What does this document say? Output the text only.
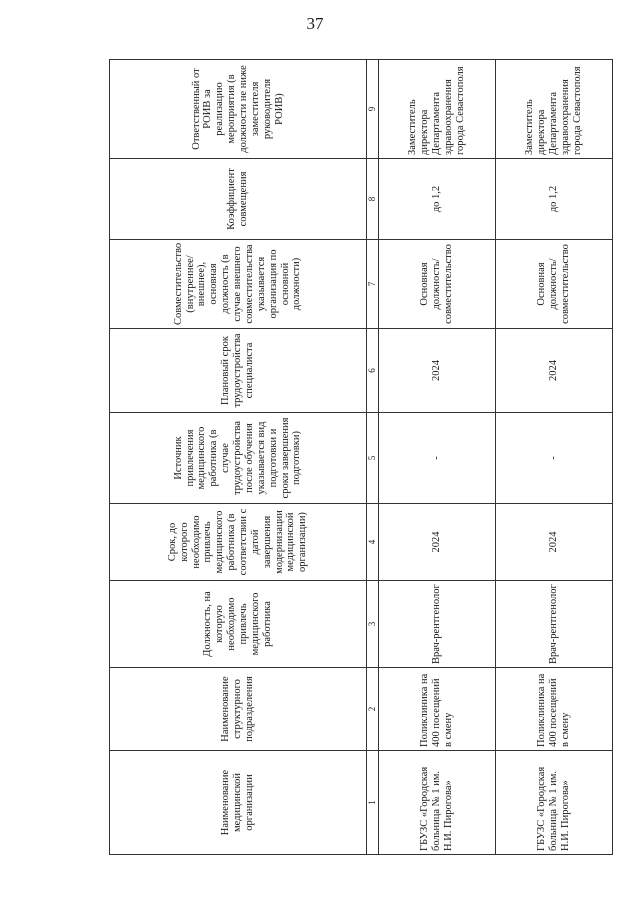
37
Наименование медицинской организации	Наименование структурного подразделения	Должность, на которую необходимо привлечь медицинского работника	Срок, до которого необходимо привлечь медицинского работника (в соответствии с датой завершения модернизации медицинской организации)	Источник привлечения медицинского работника (в случае трудоустройства после обучения указывается вид подготовки и сроки завершения подготовки)	Плановый срок трудоустройства специалиста	Совместительство (внутреннее/внешнее), основная должность (в случае внешнего совместительства указывается организация по основной должности)	Коэффициент совмещения	Ответственный от РОИВ за реализацию мероприятия (в должности не ниже заместителя руководителя РОИВ)
1	2	3	4	5	6	7	8	9
ГБУЗС «Городская больница № 1 им. Н.И. Пирогова»	Поликлиника на 400 посещений в смену	Врач-рентгенолог	2024	-	2024	Основная должность/ совместительство	до 1,2	Заместитель директора Департамента здравоохранения города Севастополя
ГБУЗС «Городская больница № 1 им. Н.И. Пирогова»	Поликлиника на 400 посещений в смену	Врач-рентгенолог	2024	-	2024	Основная должность/ совместительство	до 1,2	Заместитель директора Департамента здравоохранения города Севастополя
